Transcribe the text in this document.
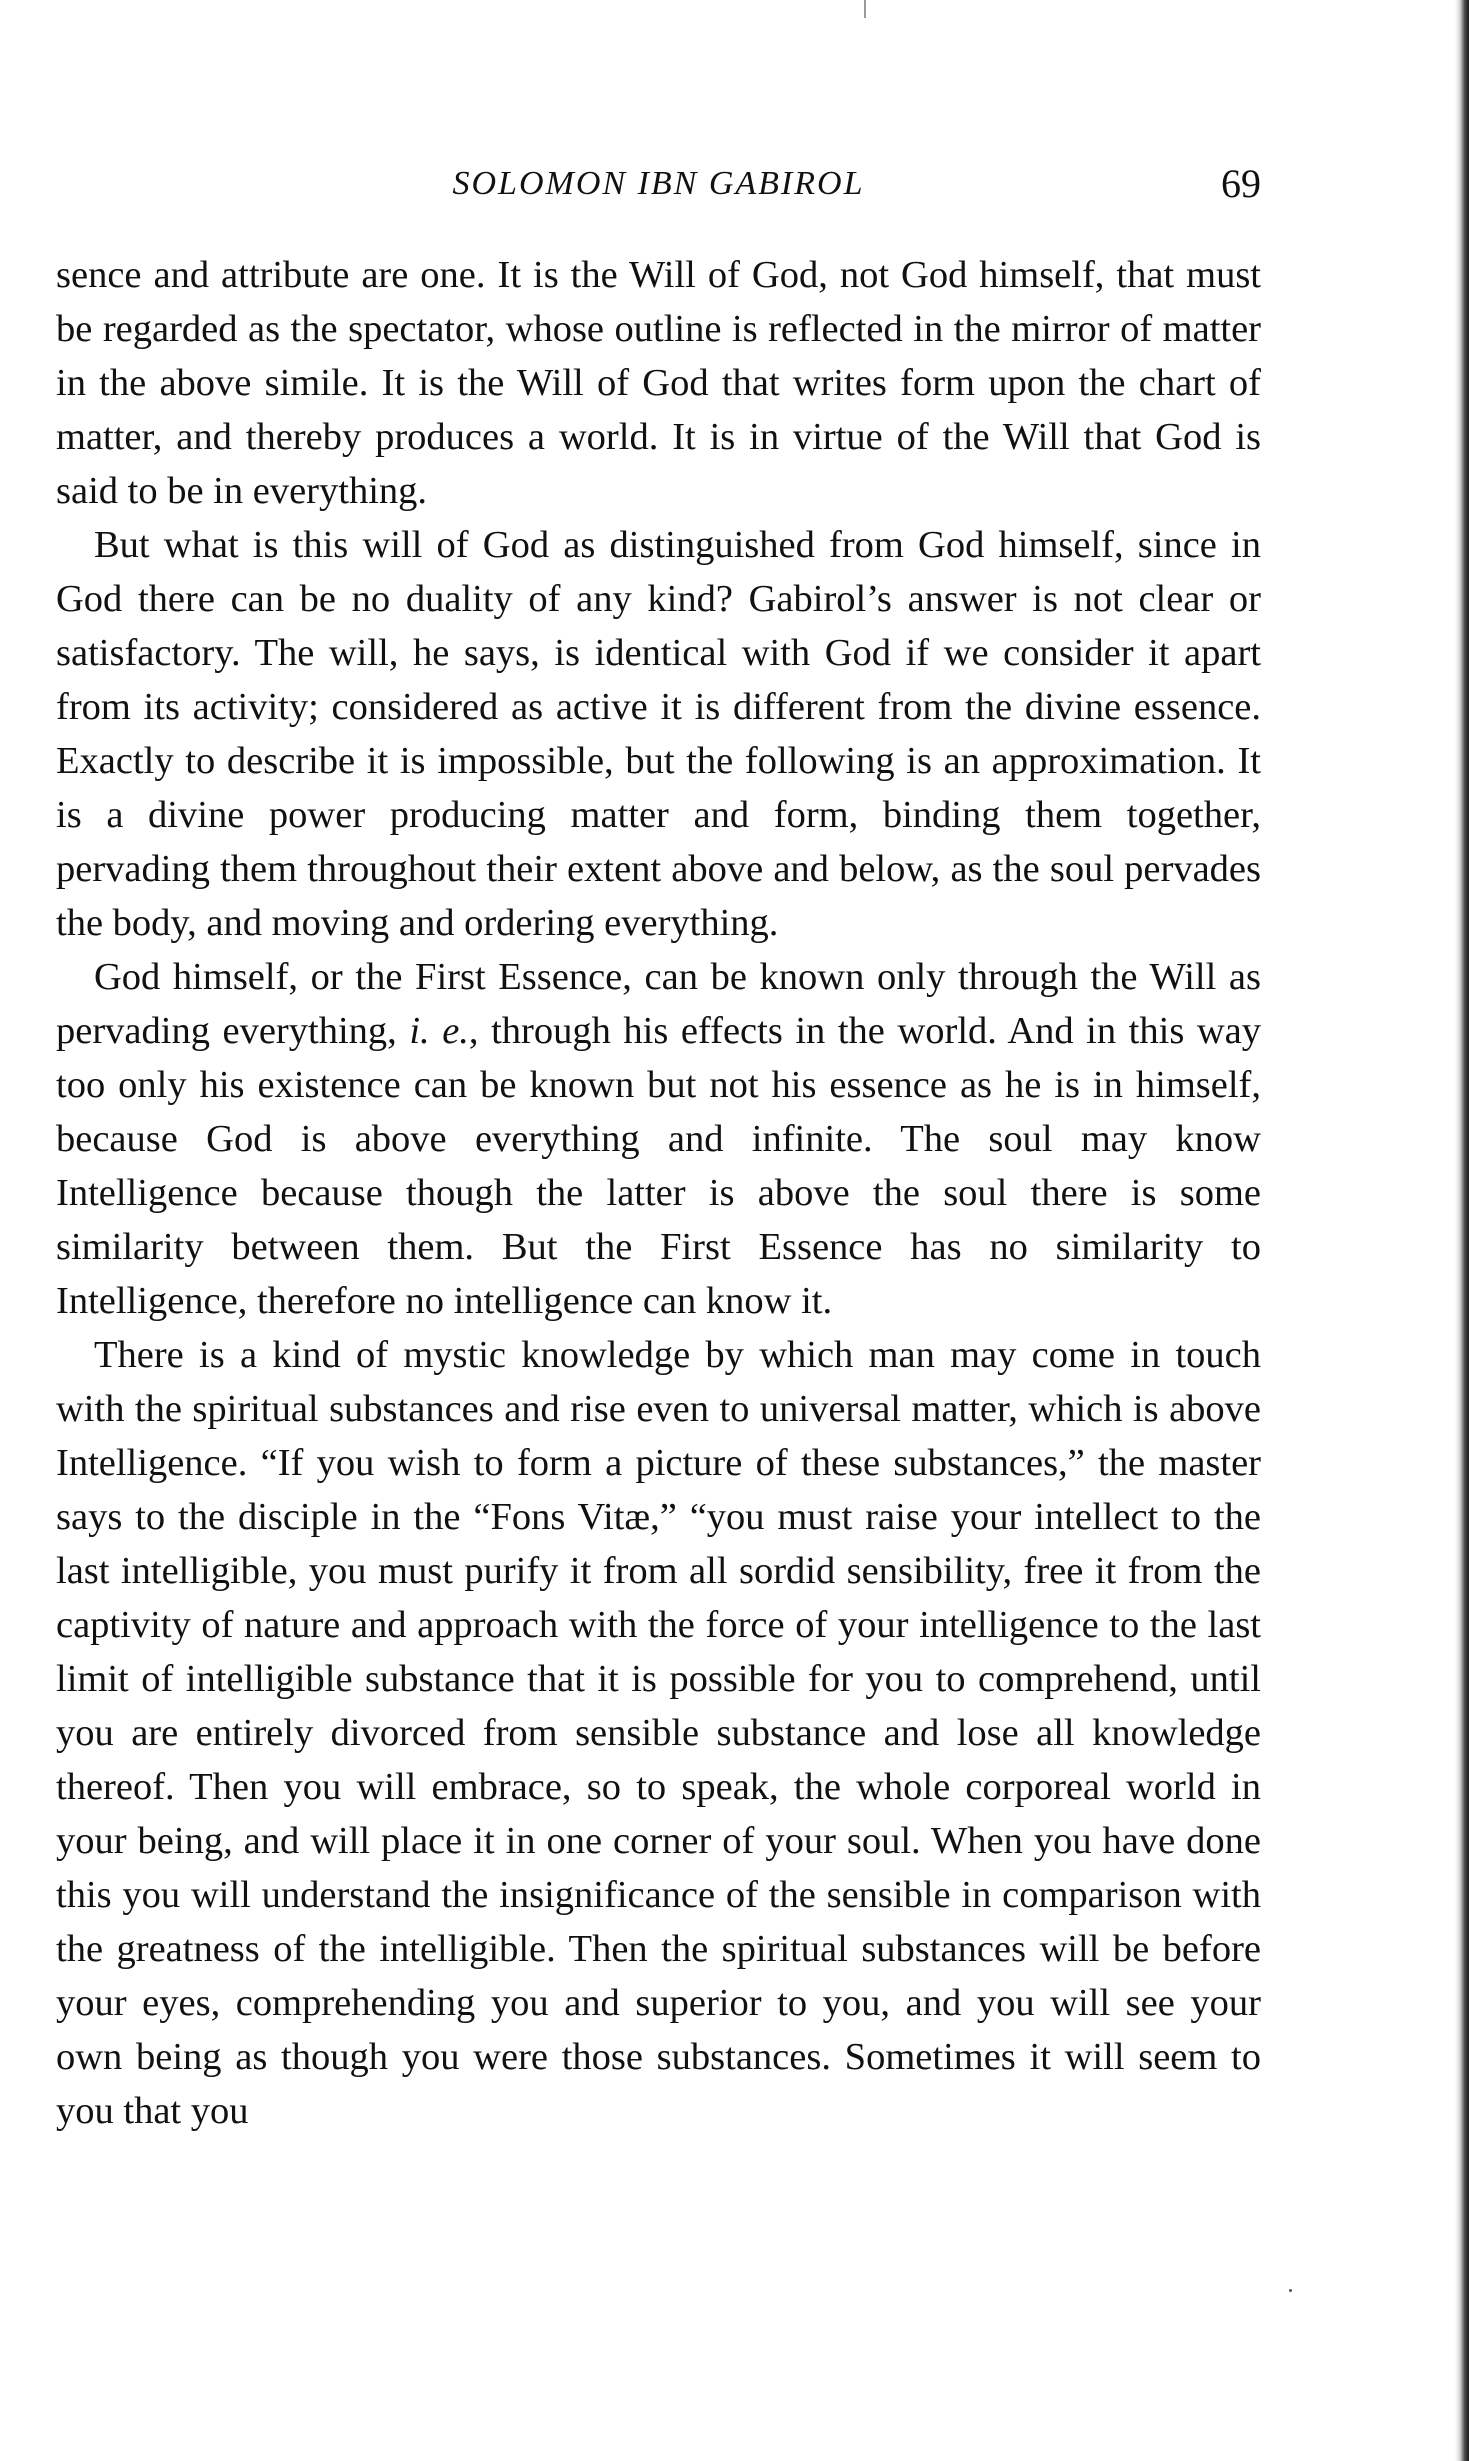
SOLOMON IBN GABIROL	69

sence and attribute are one. It is the Will of God, not God himself, that must be regarded as the spectator, whose outline is reflected in the mirror of matter in the above simile. It is the Will of God that writes form upon the chart of matter, and thereby produces a world. It is in virtue of the Will that God is said to be in everything.

But what is this will of God as distinguished from God himself, since in God there can be no duality of any kind? Gabirol’s answer is not clear or satisfactory. The will, he says, is identical with God if we consider it apart from its activity; considered as active it is different from the divine essence. Exactly to describe it is impossible, but the following is an approximation. It is a divine power producing matter and form, binding them together, pervading them throughout their extent above and below, as the soul pervades the body, and moving and ordering everything.

God himself, or the First Essence, can be known only through the Will as pervading everything, i. e., through his effects in the world. And in this way too only his existence can be known but not his essence as he is in himself, because God is above everything and infinite. The soul may know Intelligence because though the latter is above the soul there is some similarity between them. But the First Essence has no similarity to Intelligence, therefore no intelligence can know it.

There is a kind of mystic knowledge by which man may come in touch with the spiritual substances and rise even to universal matter, which is above Intelligence. “If you wish to form a picture of these substances,” the master says to the disciple in the “Fons Vitæ,” “you must raise your intellect to the last intelligible, you must purify it from all sordid sensibility, free it from the captivity of nature and approach with the force of your intelligence to the last limit of intelligible substance that it is possible for you to comprehend, until you are entirely divorced from sensible substance and lose all knowledge thereof. Then you will embrace, so to speak, the whole corporeal world in your being, and will place it in one corner of your soul. When you have done this you will understand the insignificance of the sensible in comparison with the greatness of the intelligible. Then the spiritual substances will be before your eyes, comprehending you and superior to you, and you will see your own being as though you were those substances. Sometimes it will seem to you that you
